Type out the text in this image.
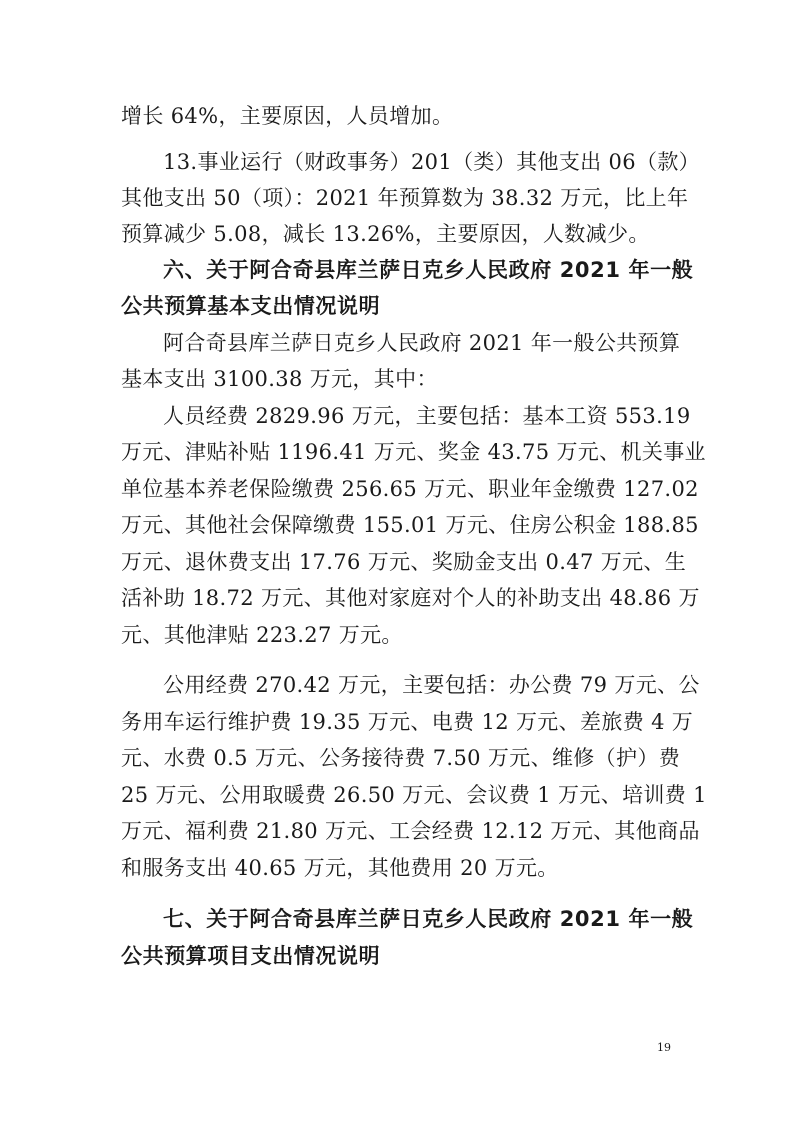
增长 64%，主要原因，人员增加。
13.事业运行（财政事务）201（类）其他支出 06（款）
其他支出 50（项）：2021 年预算数为 38.32 万元，比上年
预算减少 5.08，减长 13.26%，主要原因，人数减少。
六、关于阿合奇县库兰萨日克乡人民政府 2021 年一般
公共预算基本支出情况说明
阿合奇县库兰萨日克乡人民政府 2021 年一般公共预算
基本支出 3100.38 万元，其中：
人员经费 2829.96 万元，主要包括：基本工资 553.19
万元、津贴补贴 1196.41 万元、奖金 43.75 万元、机关事业
单位基本养老保险缴费 256.65 万元、职业年金缴费 127.02
万元、其他社会保障缴费 155.01 万元、住房公积金 188.85
万元、退休费支出 17.76 万元、奖励金支出 0.47 万元、生
活补助 18.72 万元、其他对家庭对个人的补助支出 48.86 万
元、其他津贴 223.27 万元。
公用经费 270.42 万元，主要包括：办公费 79 万元、公
务用车运行维护费 19.35 万元、电费 12 万元、差旅费 4 万
元、水费 0.5 万元、公务接待费 7.50 万元、维修（护）费
25 万元、公用取暖费 26.50 万元、会议费 1 万元、培训费 1
万元、福利费 21.80 万元、工会经费 12.12 万元、其他商品
和服务支出 40.65 万元，其他费用 20 万元。
七、关于阿合奇县库兰萨日克乡人民政府 2021 年一般
公共预算项目支出情况说明
19
